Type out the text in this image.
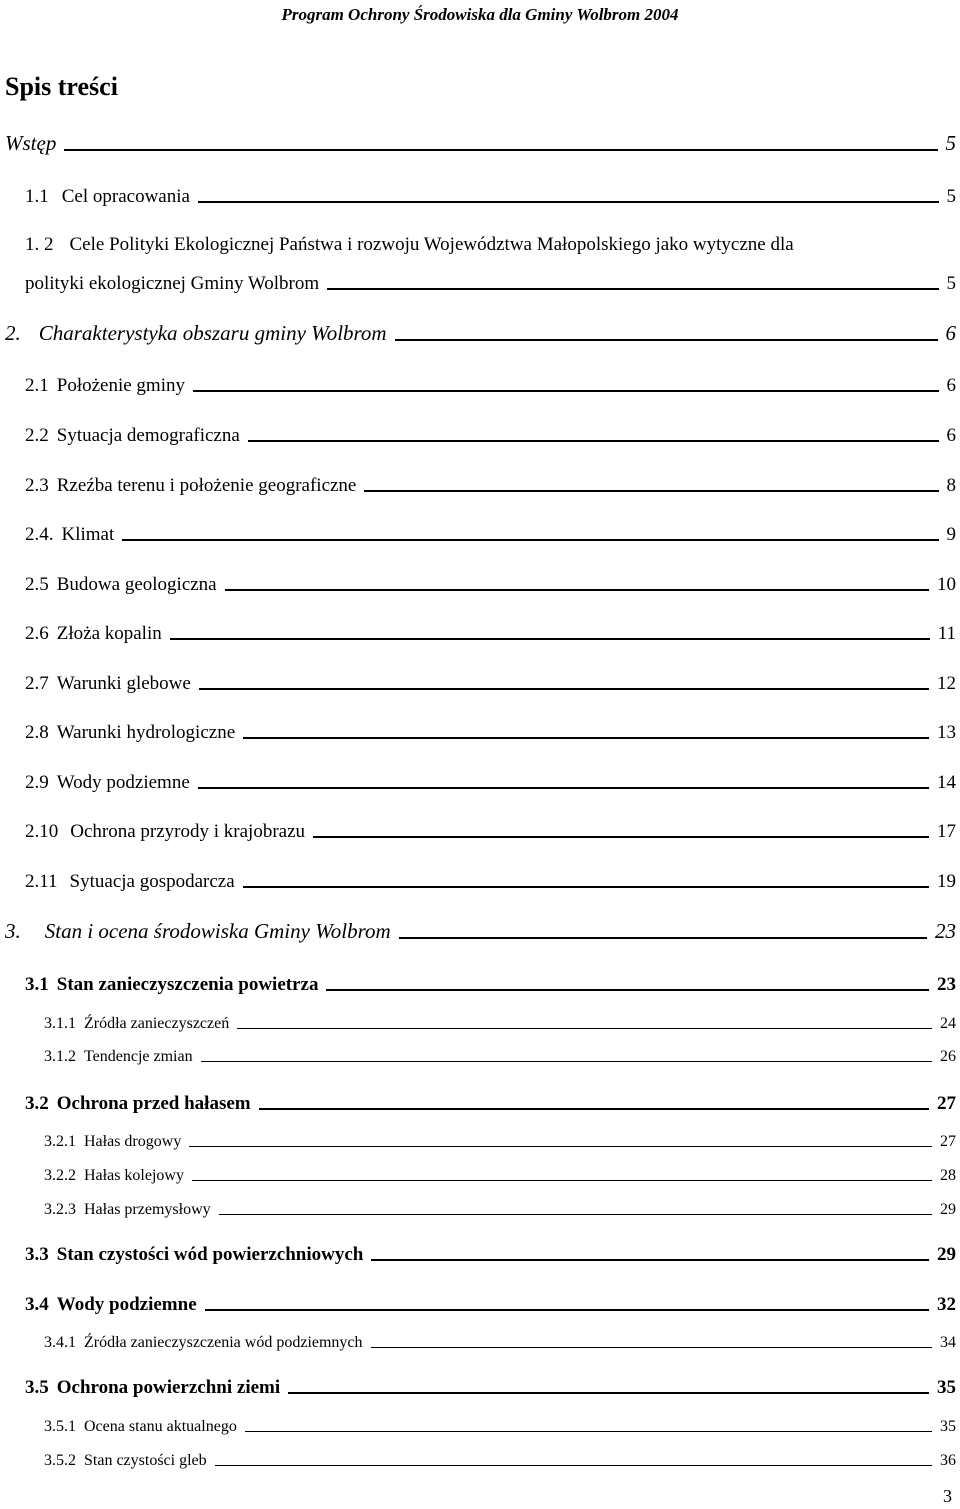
Program Ochrony Środowiska dla Gminy Wolbrom 2004
Spis treści
Wstęp	5
1.1 Cel opracowania	5
1. 2 Cele Polityki Ekologicznej Państwa i rozwoju Województwa Małopolskiego jako wytyczne dla
polityki ekologicznej Gminy Wolbrom	5
2. Charakterystyka obszaru gminy Wolbrom	6
2.1 Położenie gminy	6
2.2 Sytuacja demograficzna	6
2.3 Rzeźba terenu i położenie geograficzne	8
2.4. Klimat	9
2.5 Budowa geologiczna	10
2.6 Złoża kopalin	11
2.7 Warunki glebowe	12
2.8 Warunki hydrologiczne	13
2.9 Wody podziemne	14
2.10 Ochrona przyrody i krajobrazu	17
2.11 Sytuacja gospodarcza	19
3. Stan i ocena środowiska Gminy Wolbrom	23
3.1 Stan zanieczyszczenia powietrza	23
3.1.1 Źródła zanieczyszczeń	24
3.1.2 Tendencje zmian	26
3.2 Ochrona przed hałasem	27
3.2.1 Hałas drogowy	27
3.2.2 Hałas kolejowy	28
3.2.3 Hałas przemysłowy	29
3.3 Stan czystości wód powierzchniowych	29
3.4 Wody podziemne	32
3.4.1 Źródła zanieczyszczenia wód podziemnych	34
3.5 Ochrona powierzchni ziemi	35
3.5.1 Ocena stanu aktualnego	35
3.5.2 Stan czystości gleb	36
3
